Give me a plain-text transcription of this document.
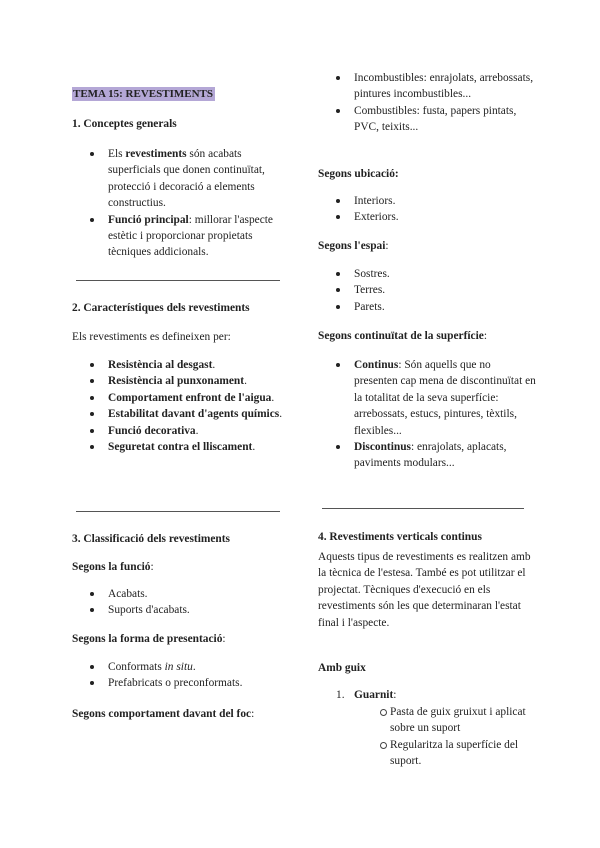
TEMA 15: REVESTIMENTS
1. Conceptes generals
Els revestiments són acabats superficials que donen continuïtat, protecció i decoració a elements constructius.
Funció principal: millorar l'aspecte estètic i proporcionar propietats tècniques addicionals.
2. Característiques dels revestiments
Els revestiments es defineixen per:
Resistència al desgast.
Resistència al punxonament.
Comportament enfront de l'aigua.
Estabilitat davant d'agents químics.
Funció decorativa.
Seguretat contra el lliscament.
3. Classificació dels revestiments
Segons la funció:
Acabats.
Suports d'acabats.
Segons la forma de presentació:
Conformats in situ.
Prefabricats o preconformats.
Segons comportament davant del foc:
Incombustibles: enrajolats, arrebossats, pintures incombustibles...
Combustibles: fusta, papers pintats, PVC, teixits...
Segons ubicació:
Interiors.
Exteriors.
Segons l'espai:
Sostres.
Terres.
Parets.
Segons continuïtat de la superfície:
Continus: Són aquells que no presenten cap mena de discontinuïtat en la totalitat de la seva superfície: arrebossats, estucs, pintures, tèxtils, flexibles...
Discontinus: enrajolats, aplacats, paviments modulars...
4. Revestiments verticals continus
Aquests tipus de revestiments es realitzen amb la tècnica de l'estesa. També es pot utilitzar el projectat. Tècniques d'execució en els revestiments són les que determinaran l'estat final i l'aspecte.
Amb guix
1. Guarnit:
Pasta de guix gruixut i aplicat sobre un suport
Regularitza la superfície del suport.
